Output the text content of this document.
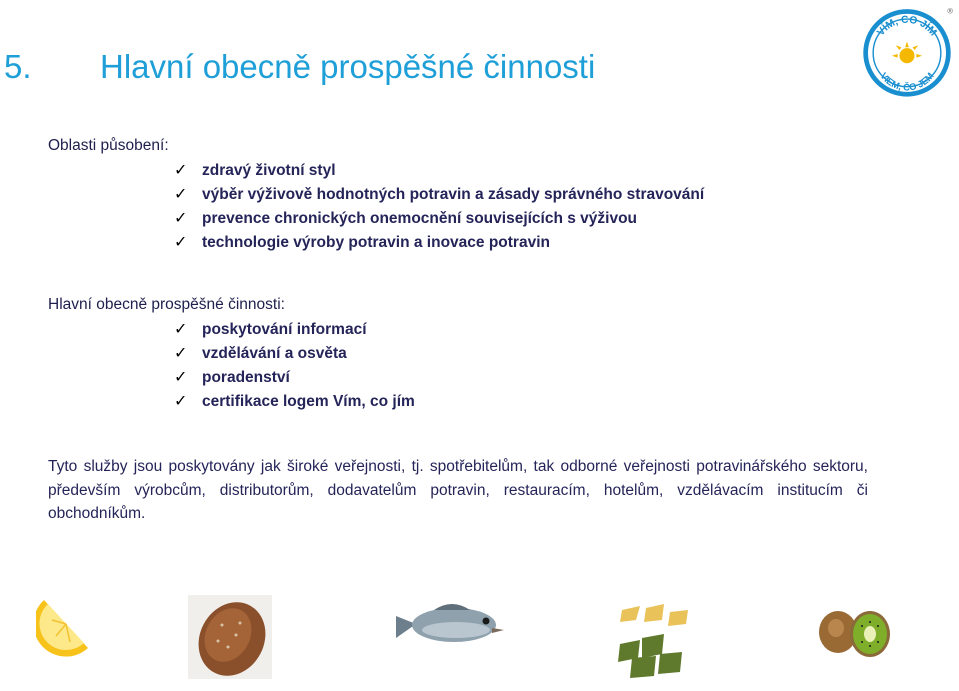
5. Hlavní obecně prospěšné činnosti
VÍM, CO JÍM
VIEM, ČO JEM
®
Oblasti působení:
✓ zdravý životní styl
✓ výběr výživově hodnotných potravin a zásady správného stravování
✓ prevence chronických onemocnění souvisejících s výživou
✓ technologie výroby potravin a inovace potravin
Hlavní obecně prospěšné činnosti:
✓ poskytování informací
✓ vzdělávání a osvěta
✓ poradenství
✓ certifikace logem Vím, co jím
Tyto služby jsou poskytovány jak široké veřejnosti, tj. spotřebitelům, tak odborné veřejnosti potravinářského sektoru, především výrobcům, distributorům, dodavatelům potravin, restauracím, hotelům, vzdělávacím institucím či obchodníkům.
